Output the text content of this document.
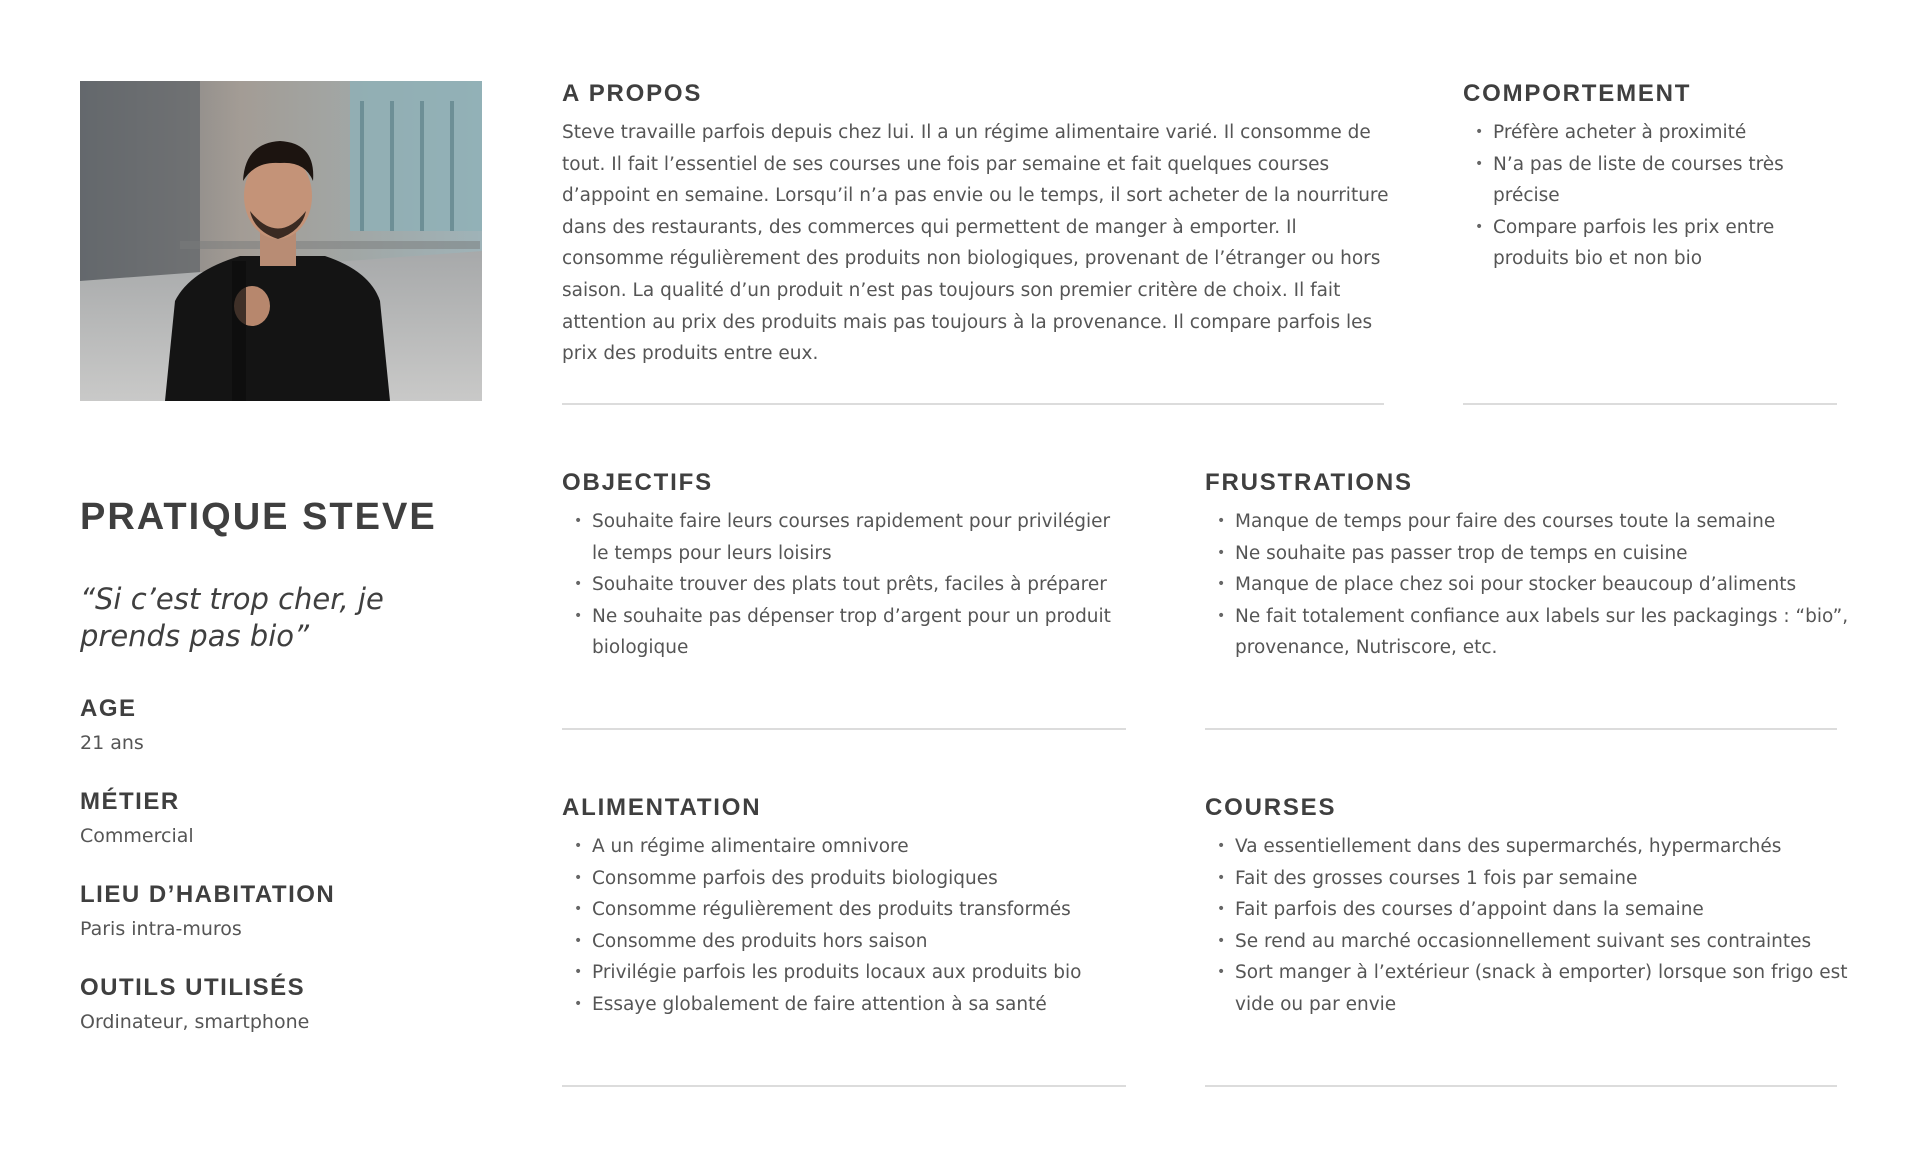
PRATIQUE STEVE

“Si c’est trop cher, je prends pas bio”

AGE
21 ans
MÉTIER
Commercial
LIEU D’HABITATION
Paris intra-muros
OUTILS UTILISÉS
Ordinateur, smartphone
A PROPOS

Steve travaille parfois depuis chez lui. Il a un régime alimentaire varié. Il consomme de tout. Il fait l’essentiel de ses courses une fois par semaine et fait quelques courses d’appoint en semaine. Lorsqu’il n’a pas envie ou le temps, il sort acheter de la nourriture dans des restaurants, des commerces qui permettent de manger à emporter. Il consomme régulièrement des produits non biologiques, provenant de l’étranger ou hors saison. La qualité d’un produit n’est pas toujours son premier critère de choix. Il fait attention au prix des produits mais pas toujours à la provenance. Il compare parfois les prix des produits entre eux.

COMPORTEMENT
• Préfère acheter à proximité
• N’a pas de liste de courses très précise
• Compare parfois les prix entre produits bio et non bio
OBJECTIFS
• Souhaite faire leurs courses rapidement pour privilégier le temps pour leurs loisirs
• Souhaite trouver des plats tout prêts, faciles à préparer
• Ne souhaite pas dépenser trop d’argent pour un produit biologique
FRUSTRATIONS
• Manque de temps pour faire des courses toute la semaine
• Ne souhaite pas passer trop de temps en cuisine
• Manque de place chez soi pour stocker beaucoup d’aliments
• Ne fait totalement confiance aux labels sur les packagings : “bio”, provenance, Nutriscore, etc.
ALIMENTATION
• A un régime alimentaire omnivore
• Consomme parfois des produits biologiques
• Consomme régulièrement des produits transformés
• Consomme des produits hors saison
• Privilégie parfois les produits locaux aux produits bio
• Essaye globalement de faire attention à sa santé
COURSES
• Va essentiellement dans des supermarchés, hypermarchés
• Fait des grosses courses 1 fois par semaine
• Fait parfois des courses d’appoint dans la semaine
• Se rend au marché occasionnellement suivant ses contraintes
• Sort manger à l’extérieur (snack à emporter) lorsque son frigo est vide ou par envie
